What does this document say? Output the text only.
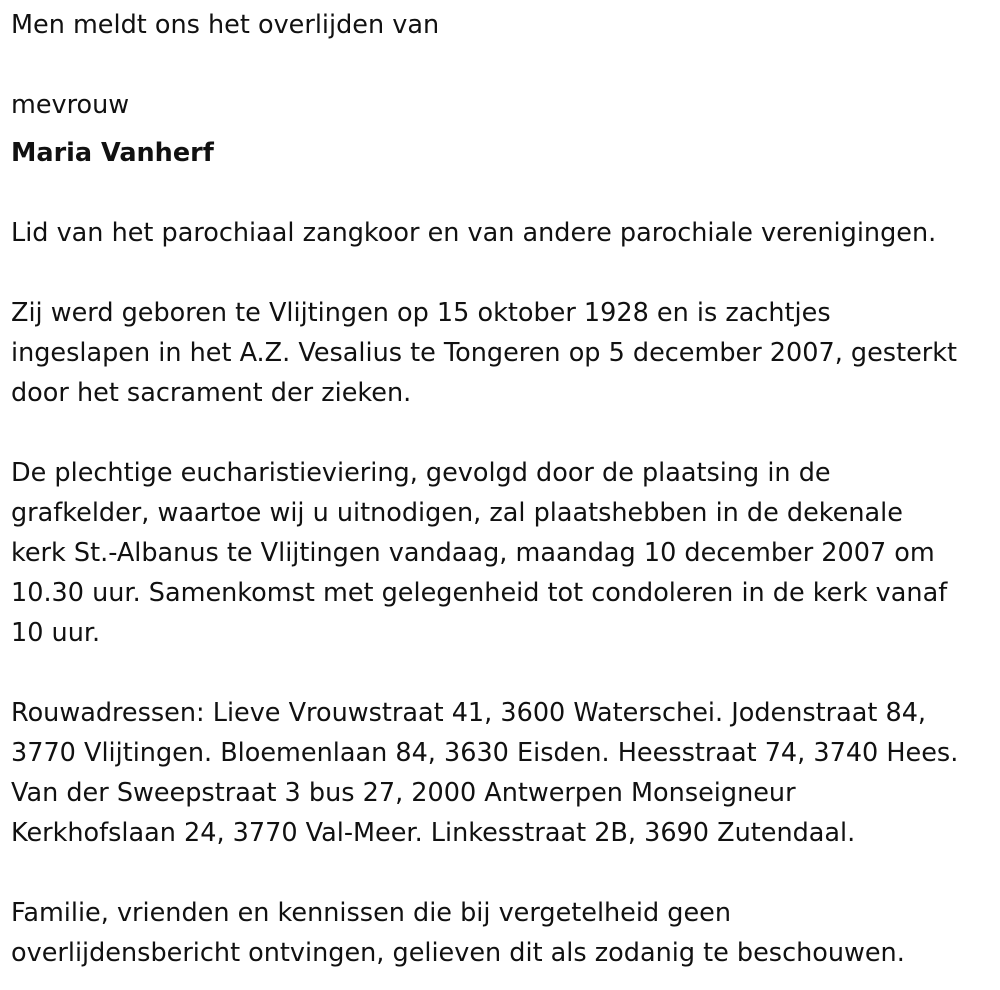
Men meldt ons het overlijden van
mevrouw
Maria Vanherf
Lid van het parochiaal zangkoor en van andere parochiale verenigingen.
Zij werd geboren te Vlijtingen op 15 oktober 1928 en is zachtjes
ingeslapen in het A.Z. Vesalius te Tongeren op 5 december 2007, gesterkt
door het sacrament der zieken.
De plechtige eucharistieviering, gevolgd door de plaatsing in de
grafkelder, waartoe wij u uitnodigen, zal plaatshebben in de dekenale
kerk St.-Albanus te Vlijtingen vandaag, maandag 10 december 2007 om
10.30 uur. Samenkomst met gelegenheid tot condoleren in de kerk vanaf
10 uur.
Rouwadressen: Lieve Vrouwstraat 41, 3600 Waterschei. Jodenstraat 84,
3770 Vlijtingen. Bloemenlaan 84, 3630 Eisden. Heesstraat 74, 3740 Hees.
Van der Sweepstraat 3 bus 27, 2000 Antwerpen Monseigneur
Kerkhofslaan 24, 3770 Val-Meer. Linkesstraat 2B, 3690 Zutendaal.
Familie, vrienden en kennissen die bij vergetelheid geen
overlijdensbericht ontvingen, gelieven dit als zodanig te beschouwen.
